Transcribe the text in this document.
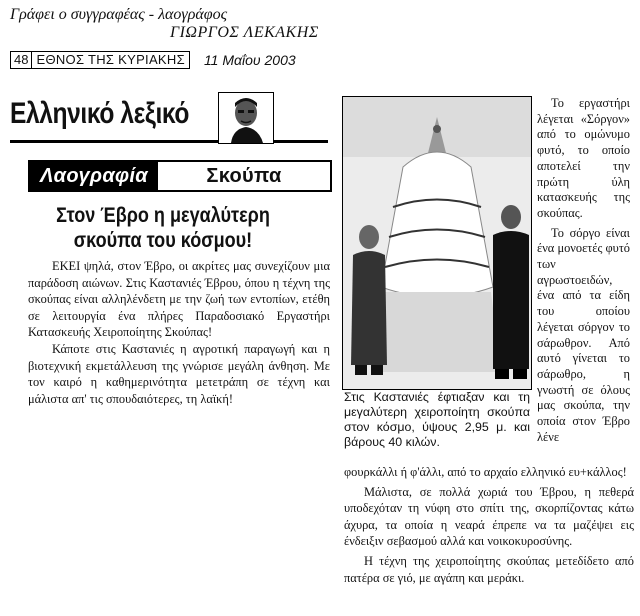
Γράφει ο συγγραφέας - λαογράφος
ΓΙΩΡΓΟΣ ΛΕΚΑΚΗΣ
48 ΕΘΝΟΣ ΤΗΣ ΚΥΡΙΑΚΗΣ	11 Μαΐου 2003
Ελληνικό λεξικό
Λαογραφία	Σκούπα
Στον Έβρο η μεγαλύτερη σκούπα του κόσμου!

ΕΚΕΙ ψηλά, στον Έβρο, οι ακρίτες μας συνεχίζουν μια παράδοση αιώνων. Στις Καστανιές Έβρου, όπου η τέχνη της σκούπας είναι αλληλένδετη με την ζωή των εντοπίων, ετέθη σε λειτουργία ένα πλήρες Παραδοσιακό Εργαστήρι Κατασκευής Χειροποίητης Σκούπας!

Κάποτε στις Καστανιές η αγροτική παραγωγή και η βιοτεχνική εκμετάλλευση της γνώρισε μεγάλη άνθηση. Με τον καιρό η καθημερινότητα μετετράπη σε τέχνη και μάλιστα απ' τις σπουδαιότερες, τη λαϊκή!	Στις Καστανιές έφτιαξαν και τη μεγαλύτερη χειροποίητη σκούπα στον κόσμο, ύψους 2,95 μ. και βάρους 40 κιλών.

Το εργαστήρι λέγεται «Σόργον» από το ομώνυμο φυτό, το οποίο αποτελεί την πρώτη ύλη κατασκευής της σκούπας.

Το σόργο είναι ένα μονοετές φυτό των αγρωστοειδών, ένα από τα είδη του οποίου λέγεται σόργον το σάρωθρον. Από αυτό γίνεται το σάρωθρο, η γνωστή σε όλους μας σκούπα, την οποία στον Έβρο λένε

φουρκάλλι ή φ'άλλι, από το αρχαίο ελληνικό ευ+κάλλος!

Μάλιστα, σε πολλά χωριά του Έβρου, η πεθερά υποδεχόταν τη νύφη στο σπίτι της, σκορπίζοντας κάτω άχυρα, τα οποία η νεαρά έπρεπε να τα μαζέψει εις ένδειξιν σεβασμού αλλά και νοικοκυροσύνης.

Η τέχνη της χειροποίητης σκούπας μετεδίδετο από πατέρα σε γιό, με αγάπη και μεράκι.
